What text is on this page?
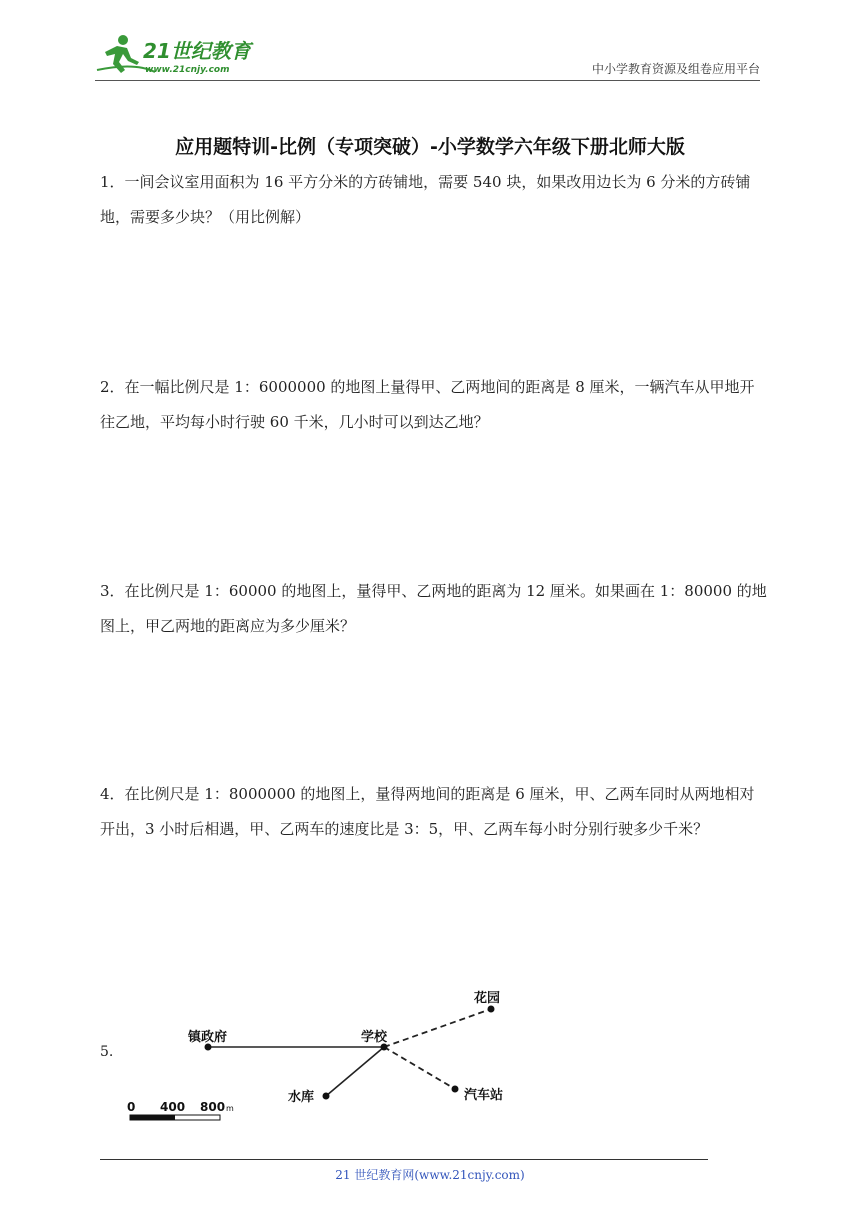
21世纪教育
www.21cnjy.com	中小学教育资源及组卷应用平台
应用题特训-比例（专项突破）-小学数学六年级下册北师大版
1．一间会议室用面积为 16 平方分米的方砖铺地，需要 540 块，如果改用边长为 6 分米的方砖铺地，需要多少块？（用比例解）
2．在一幅比例尺是 1：6000000 的地图上量得甲、乙两地间的距离是 8 厘米，一辆汽车从甲地开往乙地，平均每小时行驶 60 千米，几小时可以到达乙地？
3．在比例尺是 1：60000 的地图上，量得甲、乙两地的距离为 12 厘米。如果画在 1：80000 的地图上，甲乙两地的距离应为多少厘米？
4．在比例尺是 1：8000000 的地图上，量得两地间的距离是 6 厘米，甲、乙两车同时从两地相对开出，3 小时后相遇，甲、乙两车的速度比是 3：5，甲、乙两车每小时分别行驶多少千米？
5.
镇政府	学校
花园
水库	汽车站
0 400 800 m
21 世纪教育网(www.21cnjy.com)
